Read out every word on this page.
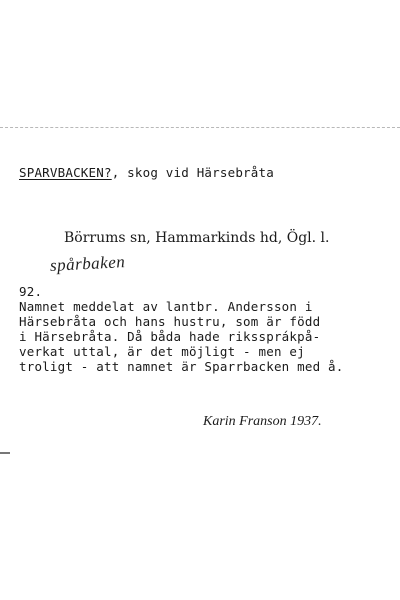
SPARVBACKEN?, skog vid Härsebråta
Börrums sn, Hammarkinds hd, Ögl. l.
spårbaken
92.
Namnet meddelat av lantbr. Andersson i
Härsebråta och hans hustru, som är född
i Härsebråta. Då båda hade rikssprákpå-
verkat uttal, är det möjligt - men ej
troligt - att namnet är Sparrbacken med å.
Karin Franson 1937.
